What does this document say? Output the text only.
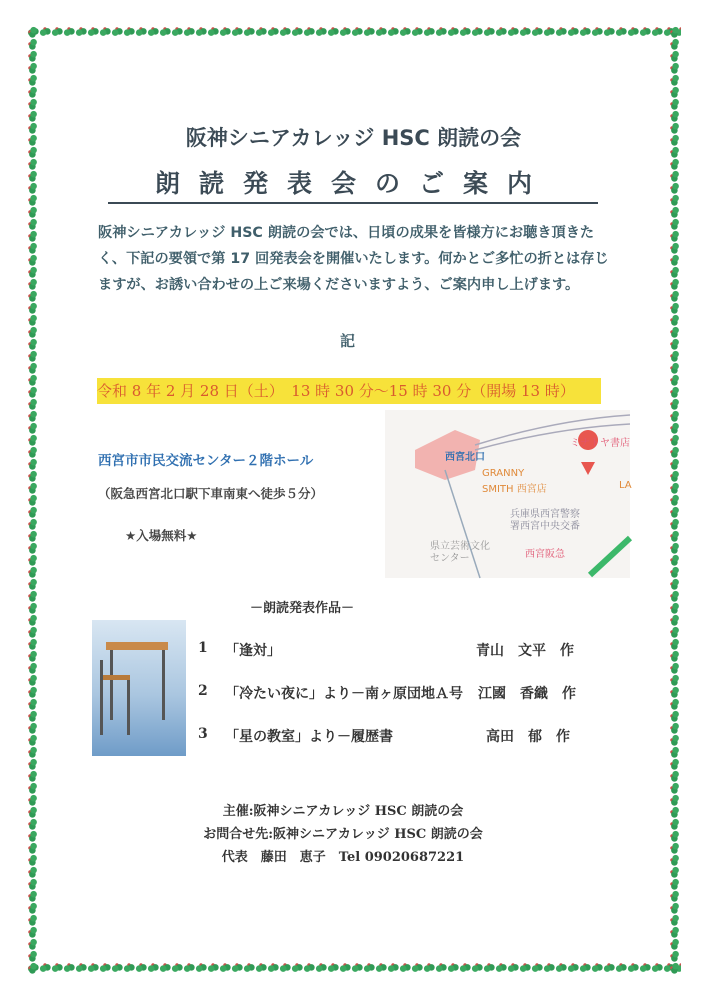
阪神シニアカレッジ HSC 朗読の会
朗読発表会のご案内
阪神シニアカレッジ HSC 朗読の会では、日頃の成果を皆様方にお聴き頂きたく、下記の要領で第 17 回発表会を開催いたします。何かとご多忙の折とは存じますが、お誘い合わせの上ご来場くださいますよう、ご案内申し上げます。
記
令和 8 年 2 月 28 日（土）　13 時 30 分～15 時 30 分（開場 13 時）
西宮市市民交流センター２階ホール
（阪急西宮北口駅下車南東へ徒歩５分）
★入場無料★
西宮北口
ミナトヤ書店
GRANNY
SMITH 西宮店
兵庫県西宮警察
署西宮中央交番
県立芸術文化
センター	西宮阪急
LA
－朗読発表作品－
1 「逢対」	青山　文平　作
2 「冷たい夜に」より－南ヶ原団地Ａ号 江國　香織　作
3 「星の教室」より－履歴書	高田　郁　作
主催:阪神シニアカレッジ HSC 朗読の会
お問合せ先:阪神シニアカレッジ HSC 朗読の会
代表　藤田　恵子　Tel 09020687221
